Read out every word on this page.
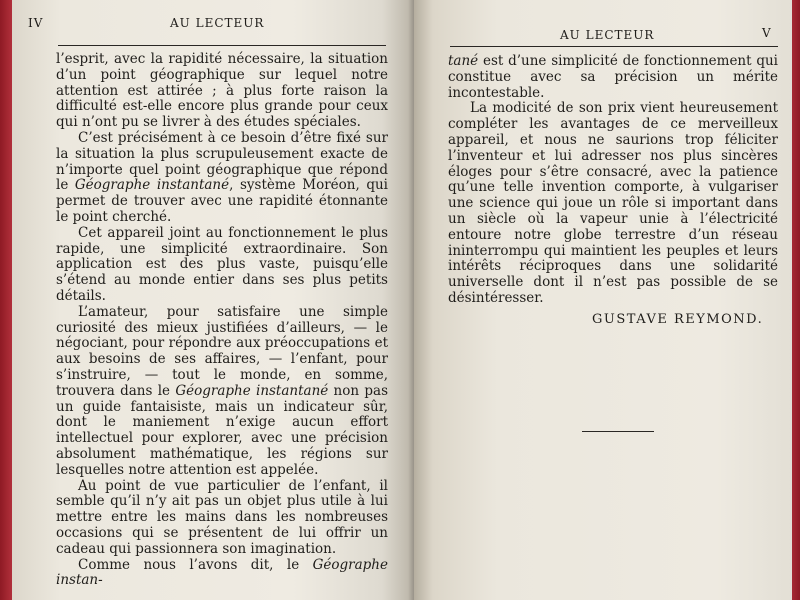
IV	AU LECTEUR

l’esprit, avec la rapidité nécessaire, la situation d’un point géographique sur lequel notre attention est attirée ; à plus forte raison la difficulté est-elle encore plus grande pour ceux qui n’ont pu se livrer à des études spéciales.

C’est précisément à ce besoin d’être fixé sur la situation la plus scrupuleusement exacte de n’importe quel point géographique que répond le Géographe instantané, système Moréon, qui permet de trouver avec une rapidité étonnante le point cherché.

Cet appareil joint au fonctionnement le plus rapide, une simplicité extraordinaire. Son application est des plus vaste, puisqu’elle s’étend au monde entier dans ses plus petits détails.

L’amateur, pour satisfaire une simple curiosité des mieux justifiées d’ailleurs, — le négociant, pour répondre aux préoccupations et aux besoins de ses affaires, — l’enfant, pour s’instruire, — tout le monde, en somme, trouvera dans le Géographe instantané non pas un guide fantaisiste, mais un indicateur sûr, dont le maniement n’exige aucun effort intellectuel pour explorer, avec une précision absolument mathématique, les régions sur lesquelles notre attention est appelée.

Au point de vue particulier de l’enfant, il semble qu’il n’y ait pas un objet plus utile à lui mettre entre les mains dans les nombreuses occasions qui se présentent de lui offrir un cadeau qui passionnera son imagination.

Comme nous l’avons dit, le Géographe instan-

AU LECTEUR	V

tané est d’une simplicité de fonctionnement qui constitue avec sa précision un mérite incontestable.

La modicité de son prix vient heureusement compléter les avantages de ce merveilleux appareil, et nous ne saurions trop féliciter l’inventeur et lui adresser nos plus sincères éloges pour s’être consacré, avec la patience qu’une telle invention comporte, à vulgariser une science qui joue un rôle si important dans un siècle où la vapeur unie à l’électricité entoure notre globe terrestre d’un réseau ininterrompu qui maintient les peuples et leurs intérêts réciproques dans une solidarité universelle dont il n’est pas possible de se désintéresser.

GUSTAVE REYMOND.
